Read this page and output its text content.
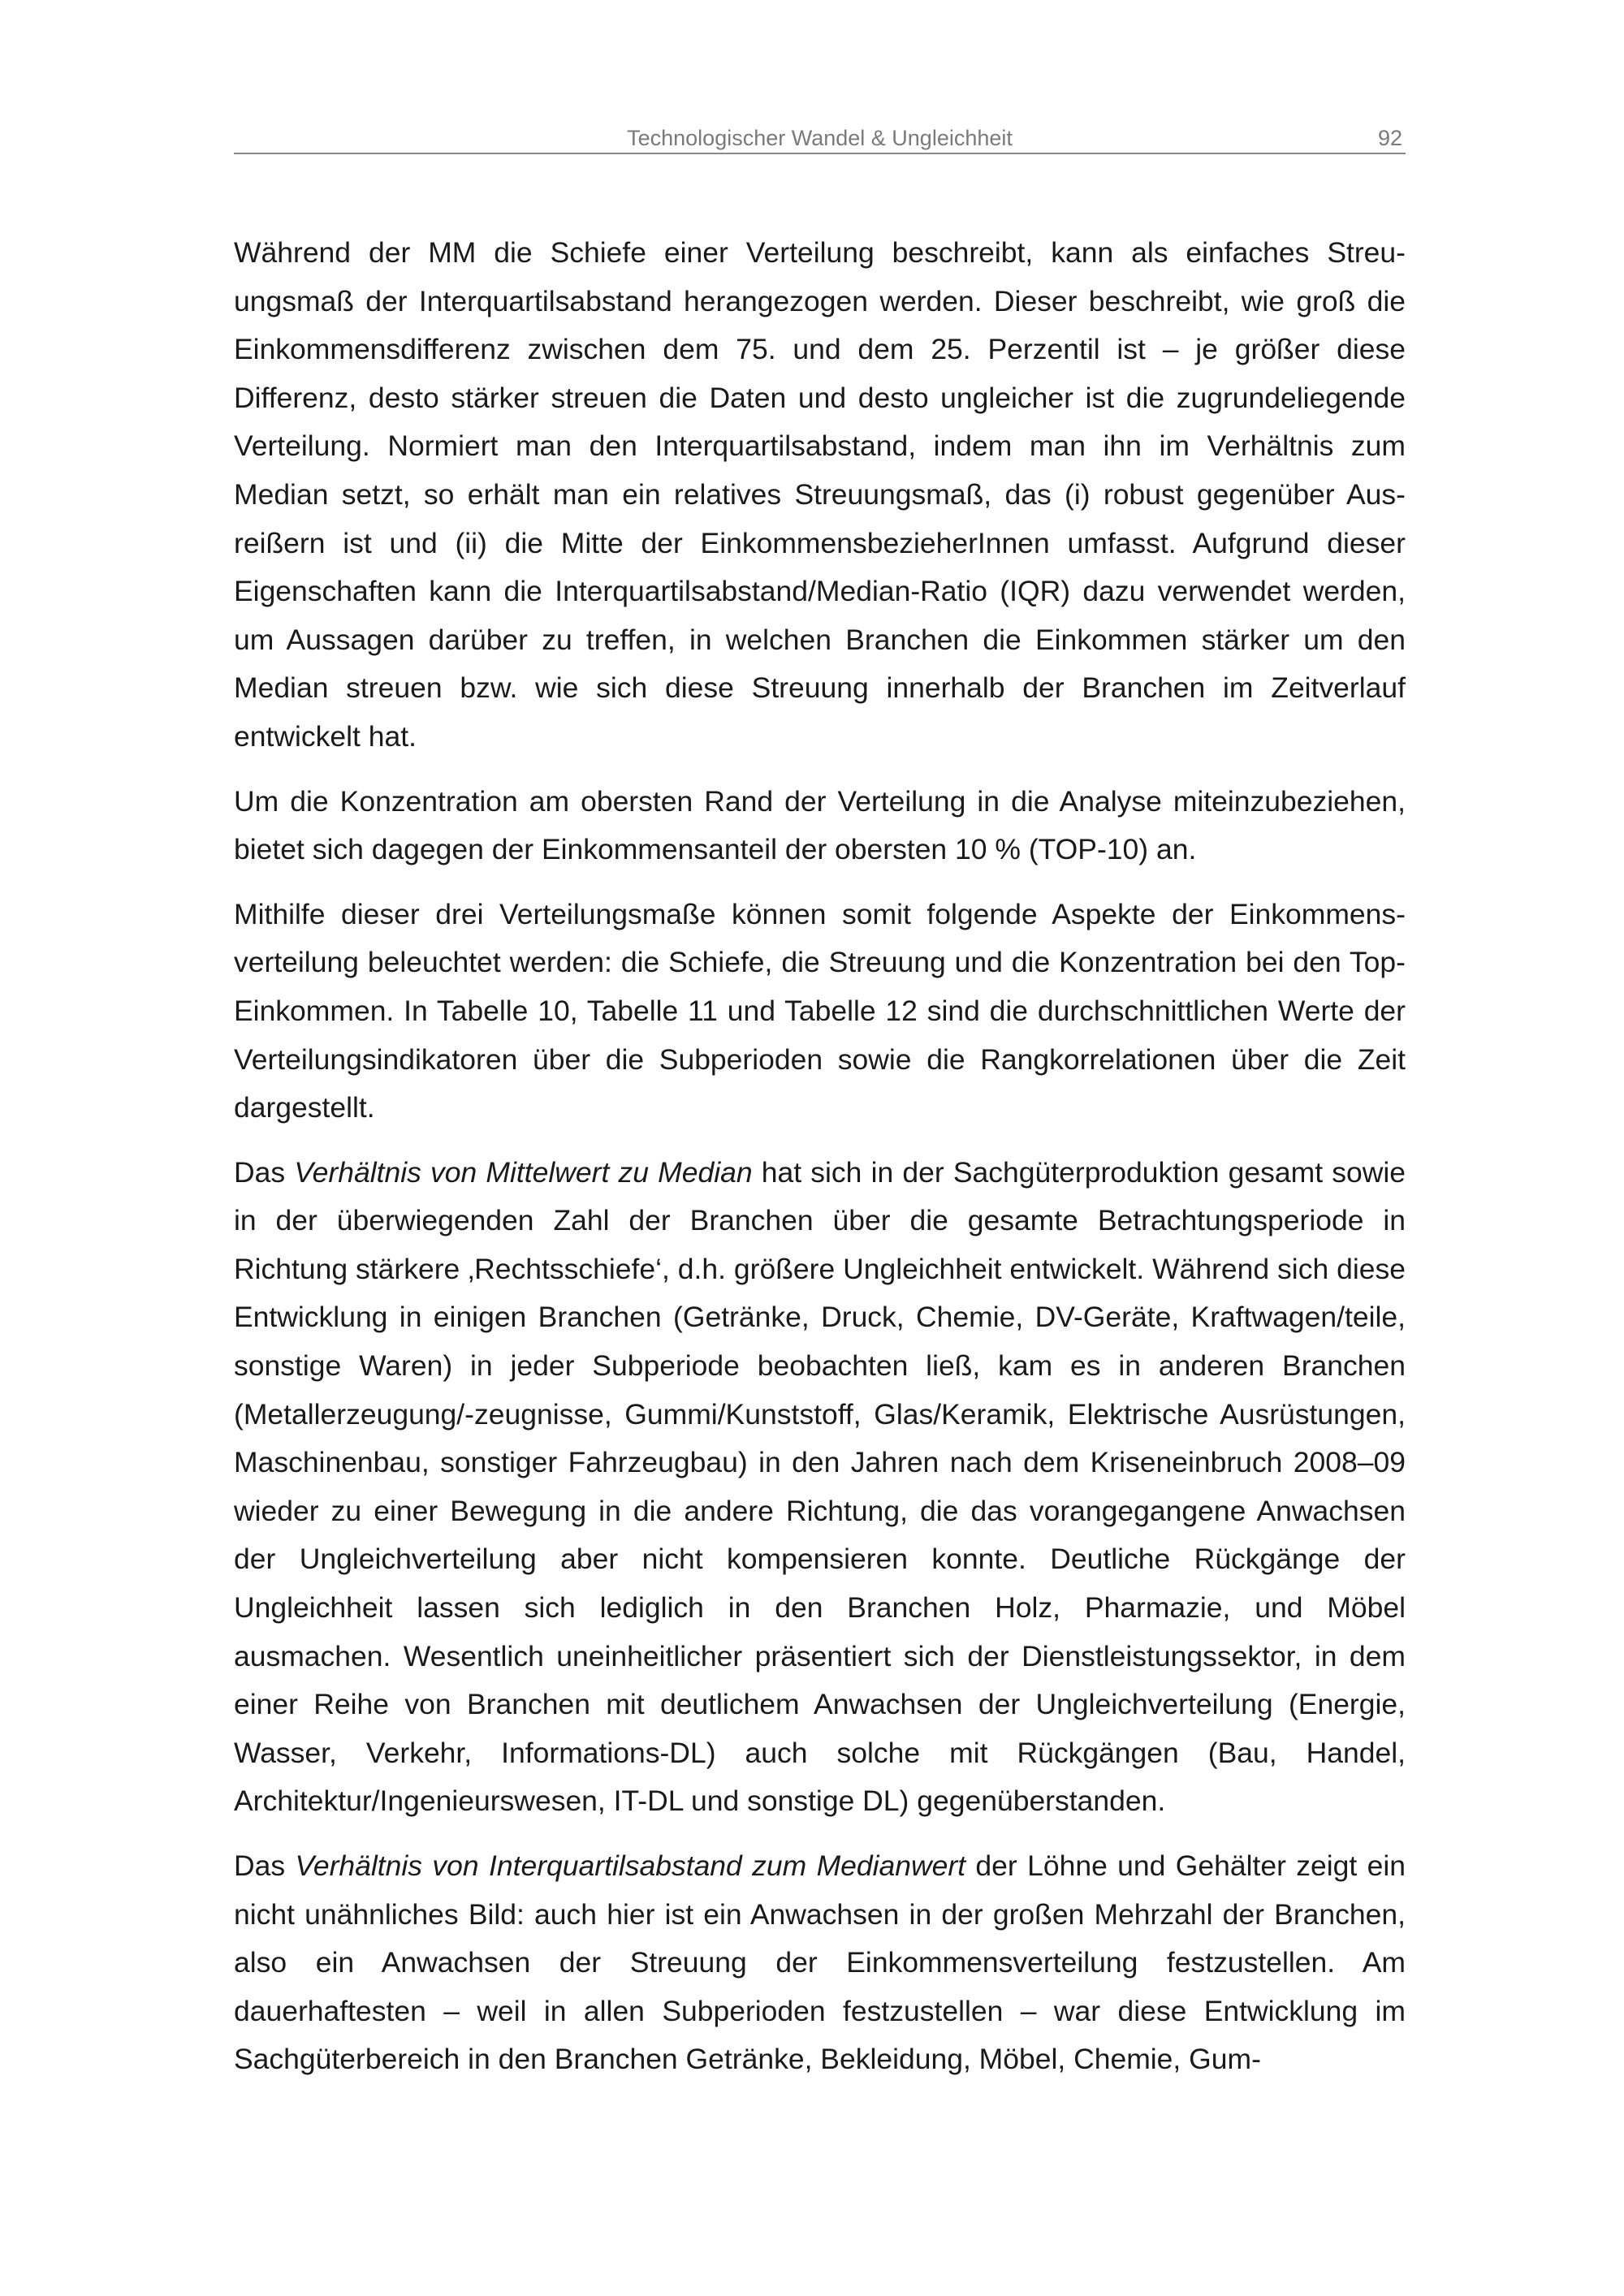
Technologischer Wandel & Ungleichheit	92

Während der MM die Schiefe einer Verteilung beschreibt, kann als einfaches Streuungsmaß der Interquartilsabstand herangezogen werden. Dieser beschreibt, wie groß die Einkommensdifferenz zwischen dem 75. und dem 25. Perzentil ist – je größer diese Differenz, desto stärker streuen die Daten und desto ungleicher ist die zugrundeliegende Verteilung. Normiert man den Interquartilsabstand, indem man ihn im Verhältnis zum Median setzt, so erhält man ein relatives Streuungsmaß, das (i) robust gegenüber Ausreißern ist und (ii) die Mitte der EinkommensbezieherInnen umfasst. Aufgrund dieser Eigenschaften kann die Interquartilsabstand/Median-Ratio (IQR) dazu verwendet werden, um Aussagen darüber zu treffen, in welchen Branchen die Einkommen stärker um den Median streuen bzw. wie sich diese Streuung innerhalb der Branchen im Zeitverlauf entwickelt hat.

Um die Konzentration am obersten Rand der Verteilung in die Analyse miteinzubeziehen, bietet sich dagegen der Einkommensanteil der obersten 10 % (TOP-10) an.

Mithilfe dieser drei Verteilungsmaße können somit folgende Aspekte der Einkommensverteilung beleuchtet werden: die Schiefe, die Streuung und die Konzentration bei den Top-Einkommen. In Tabelle 10, Tabelle 11 und Tabelle 12 sind die durchschnittlichen Werte der Verteilungsindikatoren über die Subperioden sowie die Rangkorrelationen über die Zeit dargestellt.

Das Verhältnis von Mittelwert zu Median hat sich in der Sachgüterproduktion gesamt sowie in der überwiegenden Zahl der Branchen über die gesamte Betrachtungsperiode in Richtung stärkere ‚Rechtsschiefe‘, d.h. größere Ungleichheit entwickelt. Während sich diese Entwicklung in einigen Branchen (Getränke, Druck, Chemie, DV-Geräte, Kraftwagen/teile, sonstige Waren) in jeder Subperiode beobachten ließ, kam es in anderen Branchen (Metallerzeugung/-zeugnisse, Gummi/Kunststoff, Glas/Keramik, Elektrische Ausrüstungen, Maschinenbau, sonstiger Fahrzeugbau) in den Jahren nach dem Kriseneinbruch 2008–09 wieder zu einer Bewegung in die andere Richtung, die das vorangegangene Anwachsen der Ungleichverteilung aber nicht kompensieren konnte. Deutliche Rückgänge der Ungleichheit lassen sich lediglich in den Branchen Holz, Pharmazie, und Möbel ausmachen. Wesentlich uneinheitlicher präsentiert sich der Dienstleistungssektor, in dem einer Reihe von Branchen mit deutlichem Anwachsen der Ungleichverteilung (Energie, Wasser, Verkehr, Informations-DL) auch solche mit Rückgängen (Bau, Handel, Architektur/Ingenieurswesen, IT-DL und sonstige DL) gegenüberstanden.

Das Verhältnis von Interquartilsabstand zum Medianwert der Löhne und Gehälter zeigt ein nicht unähnliches Bild: auch hier ist ein Anwachsen in der großen Mehrzahl der Branchen, also ein Anwachsen der Streuung der Einkommensverteilung festzustellen. Am dauerhaftesten – weil in allen Subperioden festzustellen – war diese Entwicklung im Sachgüterbereich in den Branchen Getränke, Bekleidung, Möbel, Chemie, Gum-
